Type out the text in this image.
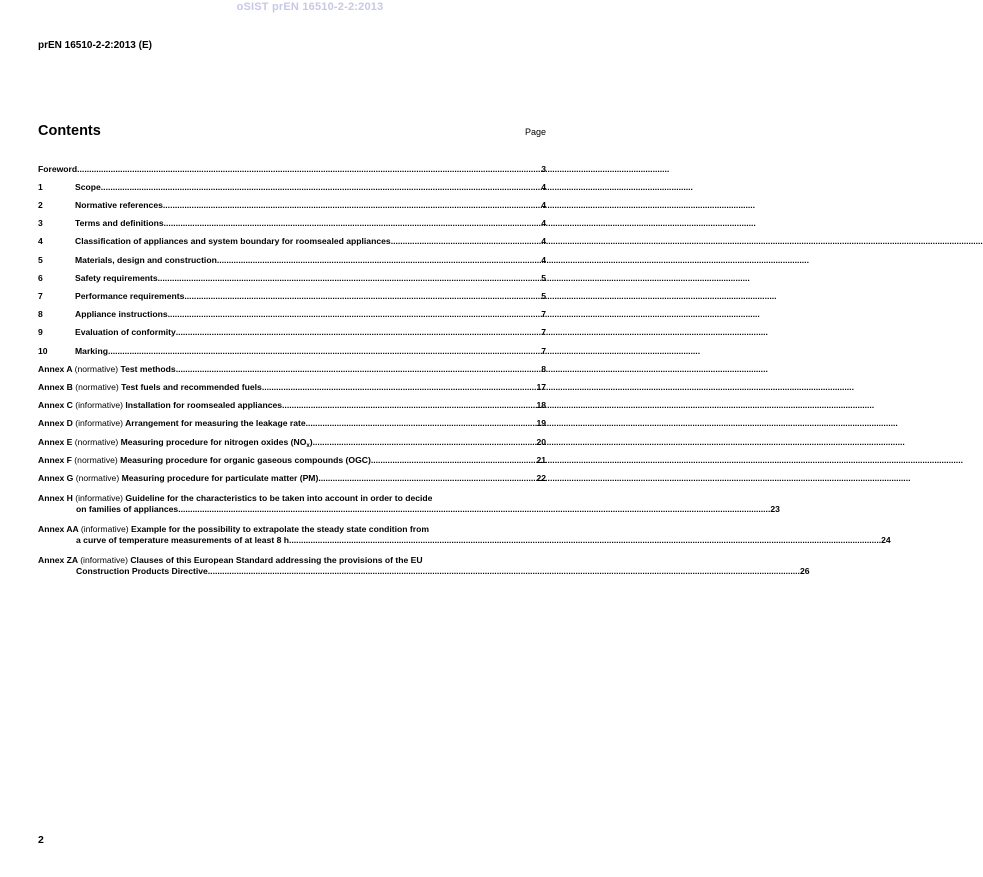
oSIST prEN 16510-2-2:2013
prEN 16510-2-2:2013 (E)
Contents	Page
Foreword .....	3
1	Scope .....	4
2	Normative references .....	4
3	Terms and definitions .....	4
4	Classification of appliances and system boundary for roomsealed appliances .....	4
5	Materials, design and construction .....	4
6	Safety requirements .....	5
7	Performance requirements .....	5
8	Appliance instructions .....	7
9	Evaluation of conformity .....	7
10	Marking .....	7
Annex A (normative) Test methods .....	8
Annex B (normative) Test fuels and recommended fuels .....	17
Annex C (informative) Installation for roomsealed appliances .....	18
Annex D (informative) Arrangement for measuring the leakage rate .....	19
Annex E (normative) Measuring procedure for nitrogen oxides $(NO_x)$ .....	20
Annex F (normative) Measuring procedure for organic gaseous compounds (OGC) .....	21
Annex G (normative) Measuring procedure for particulate matter (PM) .....	22
Annex H (informative) Guideline for the characteristics to be taken into account in order to decide
on families of appliances .....	23
Annex AA (informative) Example for the possibility to extrapolate the steady state condition from
a curve of temperature measurements of at least 8 h .....	24
Annex ZA (informative) Clauses of this European Standard addressing the provisions of the EU
Construction Products Directive .....	26
2
